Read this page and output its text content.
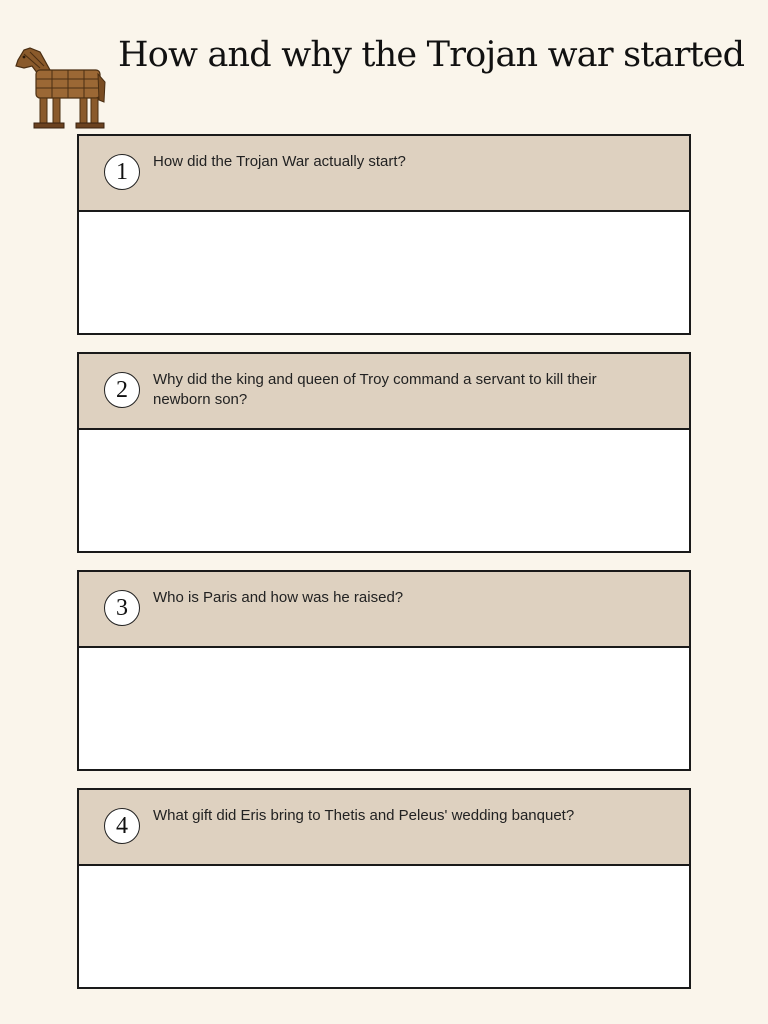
How and why the Trojan war started
1	How did the Trojan War actually start?
2	Why did the king and queen of Troy command a servant to kill their newborn son?
3	Who is Paris and how was he raised?
4	What gift did Eris bring to Thetis and Peleus' wedding banquet?
